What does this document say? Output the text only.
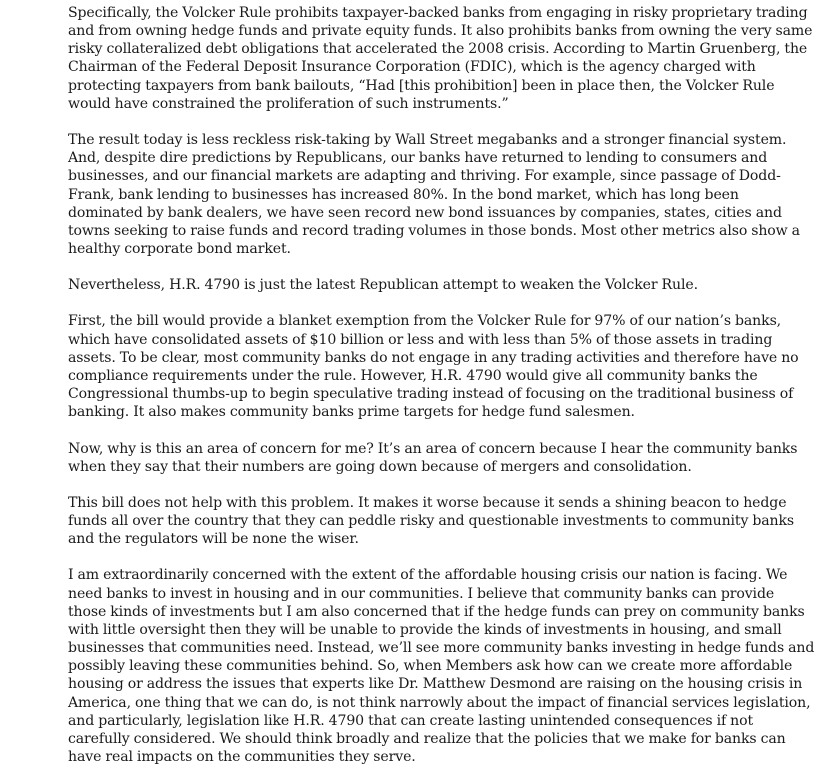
Specifically, the Volcker Rule prohibits taxpayer-backed banks from engaging in risky proprietary trading and from owning hedge funds and private equity funds. It also prohibits banks from owning the very same risky collateralized debt obligations that accelerated the 2008 crisis. According to Martin Gruenberg, the Chairman of the Federal Deposit Insurance Corporation (FDIC), which is the agency charged with protecting taxpayers from bank bailouts, “Had [this prohibition] been in place then, the Volcker Rule would have constrained the proliferation of such instruments.”

The result today is less reckless risk-taking by Wall Street megabanks and a stronger financial system. And, despite dire predictions by Republicans, our banks have returned to lending to consumers and businesses, and our financial markets are adapting and thriving. For example, since passage of Dodd-Frank, bank lending to businesses has increased 80%. In the bond market, which has long been dominated by bank dealers, we have seen record new bond issuances by companies, states, cities and towns seeking to raise funds and record trading volumes in those bonds. Most other metrics also show a healthy corporate bond market.

Nevertheless, H.R. 4790 is just the latest Republican attempt to weaken the Volcker Rule.

First, the bill would provide a blanket exemption from the Volcker Rule for 97% of our nation’s banks, which have consolidated assets of $10 billion or less and with less than 5% of those assets in trading assets. To be clear, most community banks do not engage in any trading activities and therefore have no compliance requirements under the rule. However, H.R. 4790 would give all community banks the Congressional thumbs-up to begin speculative trading instead of focusing on the traditional business of banking. It also makes community banks prime targets for hedge fund salesmen.

Now, why is this an area of concern for me? It’s an area of concern because I hear the community banks when they say that their numbers are going down because of mergers and consolidation.

This bill does not help with this problem. It makes it worse because it sends a shining beacon to hedge funds all over the country that they can peddle risky and questionable investments to community banks and the regulators will be none the wiser.

I am extraordinarily concerned with the extent of the affordable housing crisis our nation is facing. We need banks to invest in housing and in our communities. I believe that community banks can provide those kinds of investments but I am also concerned that if the hedge funds can prey on community banks with little oversight then they will be unable to provide the kinds of investments in housing, and small businesses that communities need. Instead, we’ll see more community banks investing in hedge funds and possibly leaving these communities behind. So, when Members ask how can we create more affordable housing or address the issues that experts like Dr. Matthew Desmond are raising on the housing crisis in America, one thing that we can do, is not think narrowly about the impact of financial services legislation, and particularly, legislation like H.R. 4790 that can create lasting unintended consequences if not carefully considered. We should think broadly and realize that the policies that we make for banks can have real impacts on the communities they serve.
